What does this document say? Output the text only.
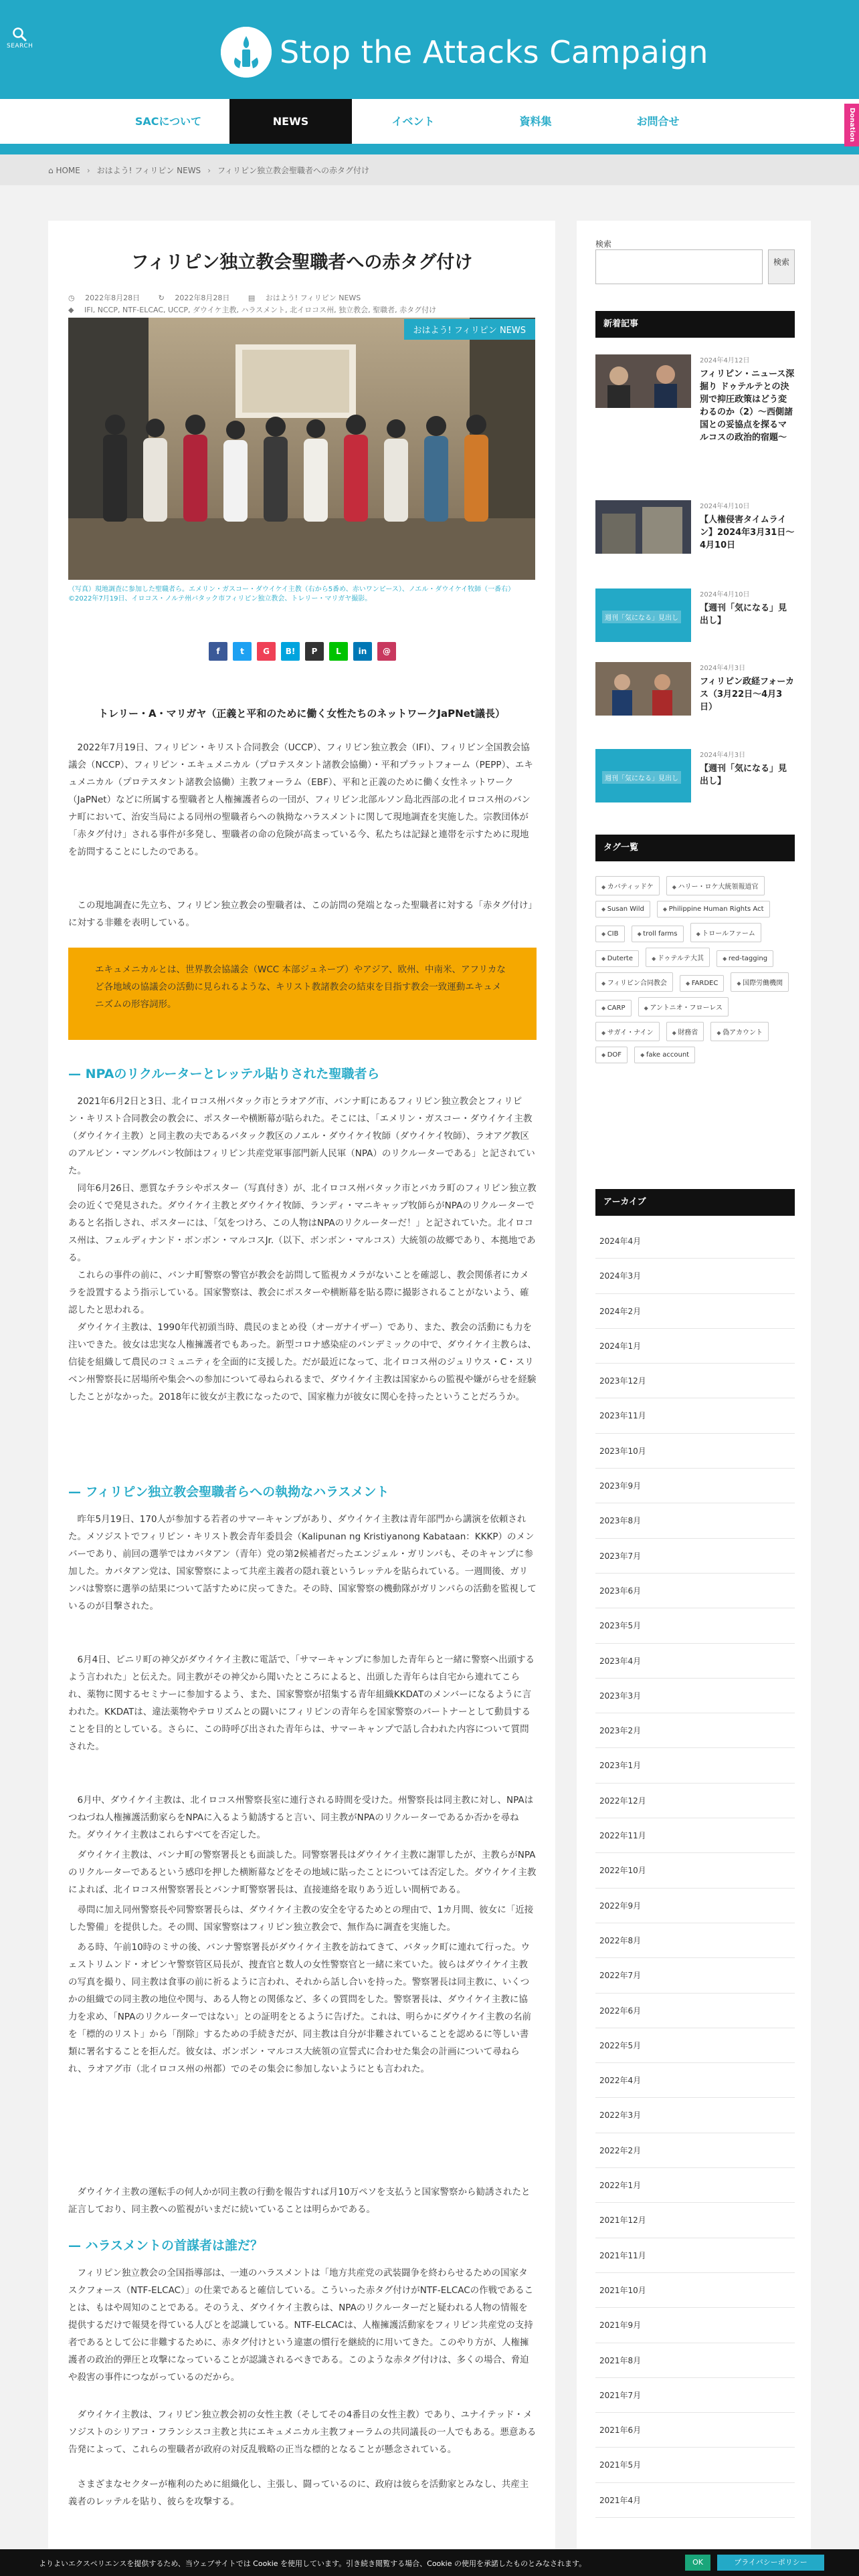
SEARCH	Stop the Attacks Campaign
SACについて	NEWS	イベント	資料集	お問合せ	Donation
⌂ HOME › おはよう! フィリピン NEWS › フィリピン独立教会聖職者への赤タグ付け
フィリピン独立教会聖職者への赤タグ付け
◷ 2022年8月28日	↻ 2022年8月28日	▤ おはよう! フィリピン NEWS
◆ IFI, NCCP, NTF-ELCAC, UCCP, ダウイケ主教, ハラスメント, 北イロコス州, 独立教会, 聖職者, 赤タグ付け
おはよう! フィリピン NEWS
（写真）現地調査に参加した聖職者ら。エメリン・ガスコー・ダウイケイ主教（右から5番め、赤いワンピース）、ノエル・ダウイケイ牧師（一番右）©2022年7月19日、イロコス・ノルテ州バタック市フィリピン独立教会、トレリー・マリガヤ撮影。
f	t	G	B!	P	L	in	@
トレリー・A・マリガヤ（正義と平和のために働く女性たちのネットワークJaPNet議長）

2022年7月19日、フィリピン・キリスト合同教会（UCCP）、フィリピン独立教会（IFI）、フィリピン全国教会協議会（NCCP）、フィリピン・エキュメニカル（プロテスタント諸教会協働）・平和プラットフォーム（PEPP）、エキュメニカル（プロテスタント諸教会協働）主教フォーラム（EBF）、平和と正義のために働く女性ネットワーク（JaPNet）などに所属する聖職者と人権擁護者らの一団が、フィリピン北部ルソン島北西部の北イロコス州のバンナ町において、治安当局による同州の聖職者らへの執拗なハラスメントに関して現地調査を実施した。宗教団体が「赤タグ付け」される事件が多発し、聖職者の命の危険が高まっている今、私たちは記録と連帯を示すために現地を訪問することにしたのである。

この現地調査に先立ち、フィリピン独立教会の聖職者は、この訪問の発端となった聖職者に対する「赤タグ付け」に対する非難を表明している。

エキュメニカルとは、世界教会協議会（WCC 本部ジュネーブ）やアジア、欧州、中南米、アフリカなど各地域の協議会の活動に見られるような、キリスト教諸教会の結束を目指す教会一致運動エキュメニズムの形容詞形。
— NPAのリクルーターとレッテル貼りされた聖職者ら

2021年6月2日と3日、北イロコス州バタック市とラオアグ市、バンナ町にあるフィリピン独立教会とフィリピン・キリスト合同教会の教会に、ポスターや横断幕が貼られた。そこには、「エメリン・ガスコー・ダウイケイ主教（ダウイケイ主教）と同主教の夫であるバタック教区のノエル・ダウイケイ牧師（ダウイケイ牧師）、ラオアグ教区のアルビン・マングルバン牧師はフィリピン共産党軍事部門新人民軍（NPA）のリクルーターである」と記されていた。

同年6月26日、悪質なチラシやポスター（写真付き）が、北イロコス州バタック市とバカラ町のフィリピン独立教会の近くで発見された。ダウイケイ主教とダウイケイ牧師、ランディ・マニキャップ牧師らがNPAのリクルーターであると名指しされ、ポスターには、「気をつけろ、この人物はNPAのリクルーターだ！」と記されていた。北イロコス州は、フェルディナンド・ボンボン・マルコスJr.（以下、ボンボン・マルコス）大統領の故郷であり、本拠地である。

これらの事件の前に、バンナ町警察の警官が教会を訪問して監視カメラがないことを確認し、教会関係者にカメラを設置するよう指示している。国家警察は、教会にポスターや横断幕を貼る際に撮影されることがないよう、確認したと思われる。

ダウイケイ主教は、1990年代初頭当時、農民のまとめ役（オーガナイザー）であり、また、教会の活動にも力を注いできた。彼女は忠実な人権擁護者でもあった。新型コロナ感染症のパンデミックの中で、ダウイケイ主教らは、信徒を組織して農民のコミュニティを全面的に支援した。だが最近になって、北イロコス州のジュリウス・C・スリベン州警察長に居場所や集会への参加について尋ねられるまで、ダウイケイ主教は国家からの監視や嫌がらせを経験したことがなかった。2018年に彼女が主教になったので、国家権力が彼女に関心を持ったということだろうか。

— フィリピン独立教会聖職者らへの執拗なハラスメント

昨年5月19日、170人が参加する若者のサマーキャンプがあり、ダウイケイ主教は青年部門から講演を依頼された。メソジストでフィリピン・キリスト教会青年委員会（Kalipunan ng Kristiyanong Kabataan：KKKP）のメンバーであり、前回の選挙ではカバタアン（青年）党の第2候補者だったエンジェル・ガリンパも、そのキャンプに参加した。カバタアン党は、国家警察によって共産主義者の隠れ蓑というレッテルを貼られている。一週間後、ガリンパは警察に選挙の結果について話すために戻ってきた。その時、国家警察の機動隊がガリンパらの活動を監視しているのが目撃された。

6月4日、ピニリ町の神父がダウイケイ主教に電話で、「サマーキャンプに参加した青年らと一緒に警察へ出頭するよう言われた」と伝えた。同主教がその神父から聞いたところによると、出頭した青年らは自宅から連れてこられ、薬物に関するセミナーに参加するよう、また、国家警察が招集する青年組織KKDATのメンバーになるように言われた。KKDATは、違法薬物やテロリズムとの闘いにフィリピンの青年らを国家警察のパートナーとして動員することを目的としている。さらに、この時呼び出された青年らは、サマーキャンプで話し合われた内容について質問された。

6月中、ダウイケイ主教は、北イロコス州警察長室に連行される時間を受けた。州警察長は同主教に対し、NPAはつねづね人権擁護活動家らをNPAに入るよう勧誘すると言い、同主教がNPAのリクルーターであるか否かを尋ねた。ダウイケイ主教はこれらすべてを否定した。

ダウイケイ主教は、バンナ町の警察署長とも面談した。同警察署長はダウイケイ主教に謝罪したが、主教らがNPAのリクルーターであるという感印を押した横断幕などをその地域に貼ったことについては否定した。ダウイケイ主教によれば、北イロコス州警察署長とバンナ町警察署長は、直接連絡を取りあう近しい間柄である。

尋問に加え同州警察長や同警察署長らは、ダウイケイ主教の安全を守るためとの理由で、1カ月間、彼女に「近接した警備」を提供した。その間、国家警察はフィリピン独立教会で、無作為に調査を実施した。

ある時、午前10時のミサの後、バンナ警察署長がダウイケイ主教を訪ねてきて、バタック町に連れて行った。ウェストリムンド・オビンヤ警察管区局長が、捜査官と数人の女性警察官と一緒に来ていた。彼らはダウイケイ主教の写真を撮り、同主教は食事の前に祈るように言われ、それから話し合いを持った。警察署長は同主教に、いくつかの組織での同主教の地位や関与、ある人物との関係など、多くの質問をした。警察署長は、ダウイケイ主教に協力を求め、「NPAのリクルーターではない」との証明をとるように告げた。これは、明らかにダウイケイ主教の名前を「標的のリスト」から「削除」するための手続きだが、同主教は自分が非難されていることを認めるに等しい書類に署名することを拒んだ。彼女は、ボンボン・マルコス大統領の宣誓式に合わせた集会の計画について尋ねられ、ラオアグ市（北イロコス州の州都）でのその集会に参加しないようにとも言われた。

ダウイケイ主教の運転手の何人かが同主教の行動を報告すれば月10万ペソを支払うと国家警察から勧誘されたと証言しており、同主教への監視がいまだに続いていることは明らかである。

— ハラスメントの首謀者は誰だ？

フィリピン独立教会の全国指導部は、一連のハラスメントは「地方共産党の武装闘争を終わらせるための国家タスクフォース（NTF-ELCAC）」の仕業であると確信している。こういった赤タグ付けがNTF-ELCACの作戦であることは、もはや周知のことである。そのうえ、ダウイケイ主教らは、NPAのリクルーターだと疑われる人物の情報を提供するだけで報奨を得ている人びとを認識している。NTF-ELCACは、人権擁護活動家をフィリピン共産党の支持者であるとして公に非難するために、赤タグ付けという違憲の慣行を継続的に用いてきた。このやり方が、人権擁護者の政治的弾圧と攻撃になっていることが認識されるべきである。このような赤タグ付けは、多くの場合、脅迫や殺害の事件につながっているのだから。

ダウイケイ主教は、フィリピン独立教会初の女性主教（そしてその4番目の女性主教）であり、ユナイテッド・メソジストのシリアコ・フランシスコ主教と共にエキュメニカル主教フォーラムの共同議長の一人でもある。悪意ある告発によって、これらの聖職者が政府の対反乱戦略の正当な標的となることが懸念されている。

さまざまなセクターが権利のために組織化し、主張し、闘っているのに、政府は彼らを活動家とみなし、共産主義者のレッテルを貼り、彼らを攻撃する。

検索
検索
新着記事
2024年4月12日
フィリピン・ニュース深掘り ドゥテルテとの決別で抑圧政策はどう変わるのか（2）〜西側諸国との妥協点を探るマルコスの政治的宿題〜
2024年4月10日
【人権侵害タイムライン】2024年3月31日〜4月10日
週刊「気になる」見出し
2024年4月10日
【週刊「気になる」見出し】
2024年4月3日
フィリピン政経フォーカス（3月22日〜4月3日）
週刊「気になる」見出し
2024年4月3日
【週刊「気になる」見出し】
タグ一覧
◆ カバティッドケ	◆ ハリー・ロケ大統領報道官 ◆ Susan Wild	◆ Philippine Human Rights Act ◆ CIB	◆ troll farms	◆ トロールファーム ◆ Duterte	◆ ドゥテルテ大其	◆ red-tagging ◆ フィリピン合同教会	◆ FARDEC	◆ 国際労働機関 ◆ CARP	◆ アントニオ・フローレス ◆ サガイ・ナイン	◆ 財務省	◆ 偽アカウント ◆ DOF	◆ fake account
アーカイブ
2024年4月
2024年3月
2024年2月
2024年1月
2023年12月
2023年11月
2023年10月
2023年9月
2023年8月
2023年7月
2023年6月
2023年5月
2023年4月
2023年3月
2023年2月
2023年1月
2022年12月
2022年11月
2022年10月
2022年9月
2022年8月
2022年7月
2022年6月
2022年5月
2022年4月
2022年3月
2022年2月
2022年1月
2021年12月
2021年11月
2021年10月
2021年9月
2021年8月
2021年7月
2021年6月
2021年5月
2021年4月
よりよいエクスペリエンスを提供するため、当ウェブサイトでは Cookie を使用しています。引き続き閲覧する場合、Cookie の使用を承諾したものとみなされます。	OK	プライバシーポリシー
